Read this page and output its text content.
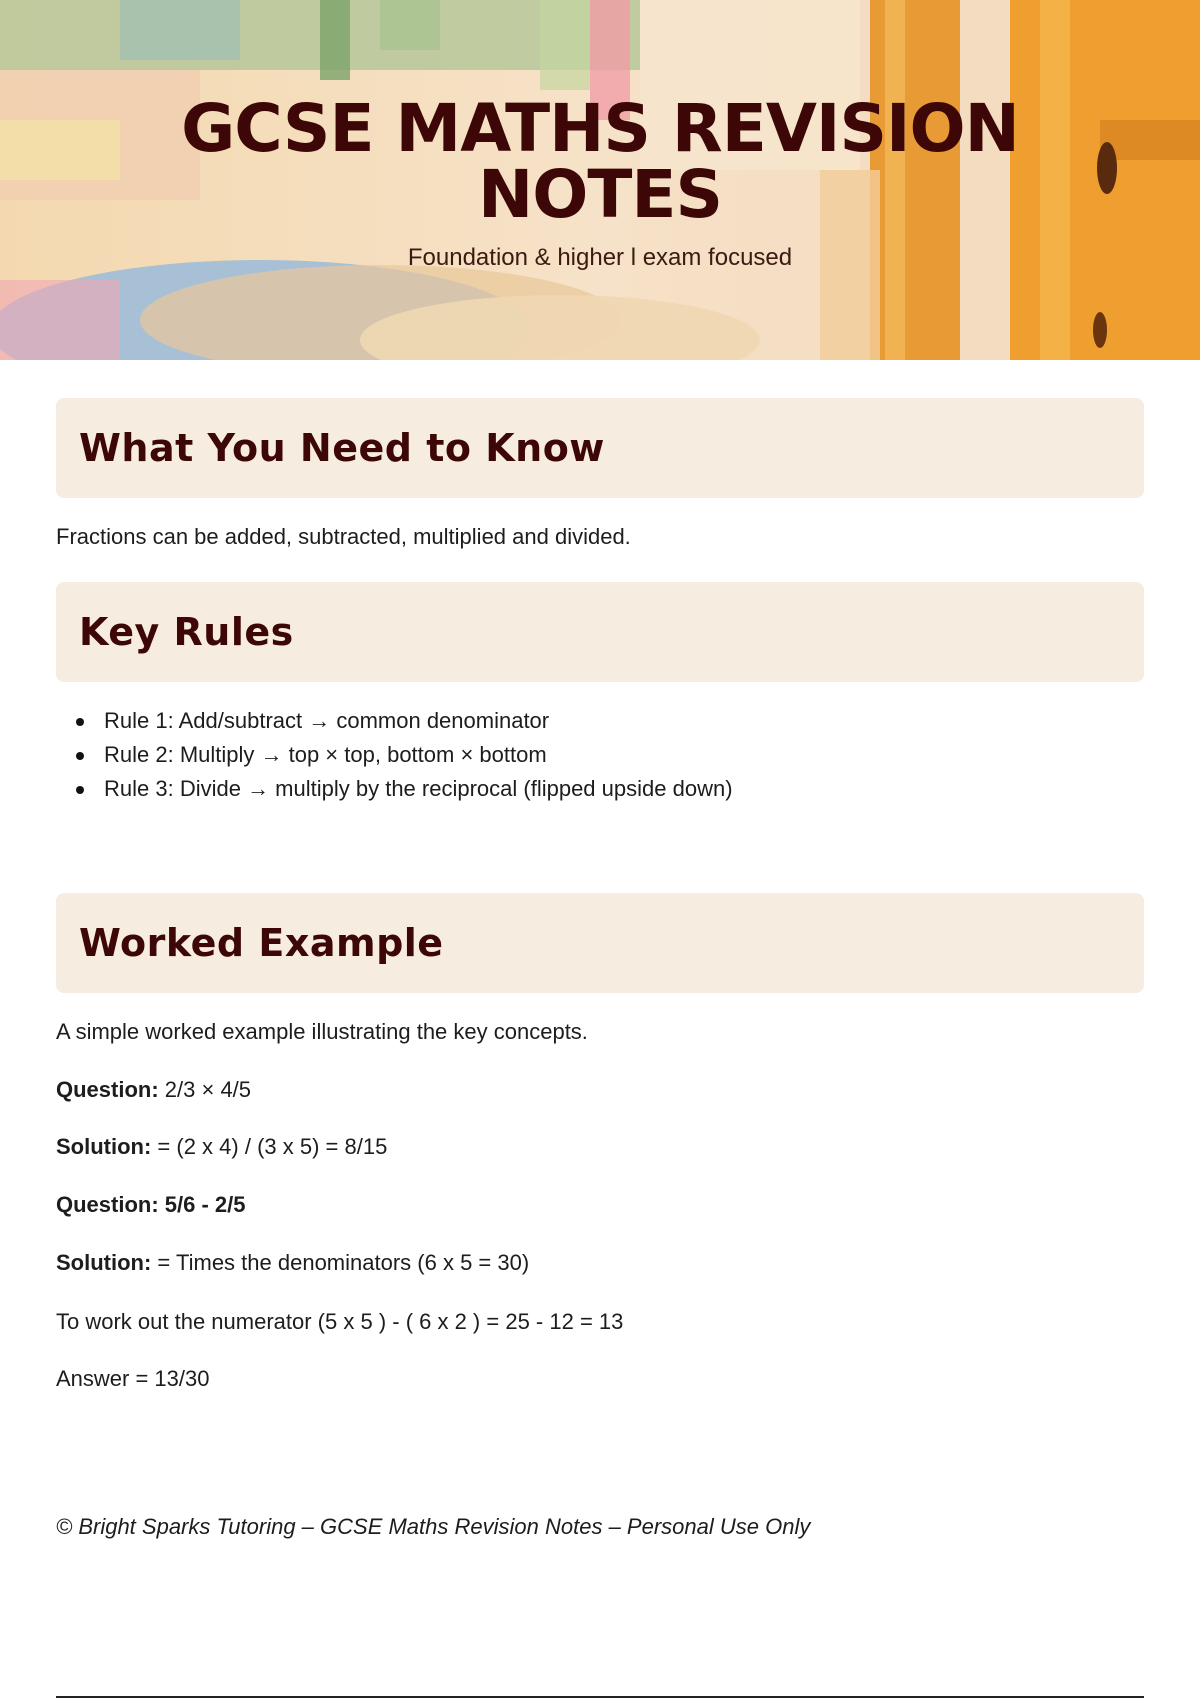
GCSE MATHS REVISION
NOTES
Foundation & higher l exam focused
What You Need to Know

Fractions can be added, subtracted, multiplied and divided.

Key Rules
Rule 1: Add/subtract → common denominator
Rule 2: Multiply → top × top, bottom × bottom
Rule 3: Divide → multiply by the reciprocal (flipped upside down)
Worked Example

A simple worked example illustrating the key concepts.

Question: 2/3 × 4/5

Solution: = (2 x 4) / (3 x 5) = 8/15

Question: 5/6 - 2/5

Solution: = Times the denominators (6 x 5 = 30)

To work out the numerator (5 x 5 ) - ( 6 x 2 ) = 25 - 12 = 13

Answer = 13/30

© Bright Sparks Tutoring – GCSE Maths Revision Notes – Personal Use Only
